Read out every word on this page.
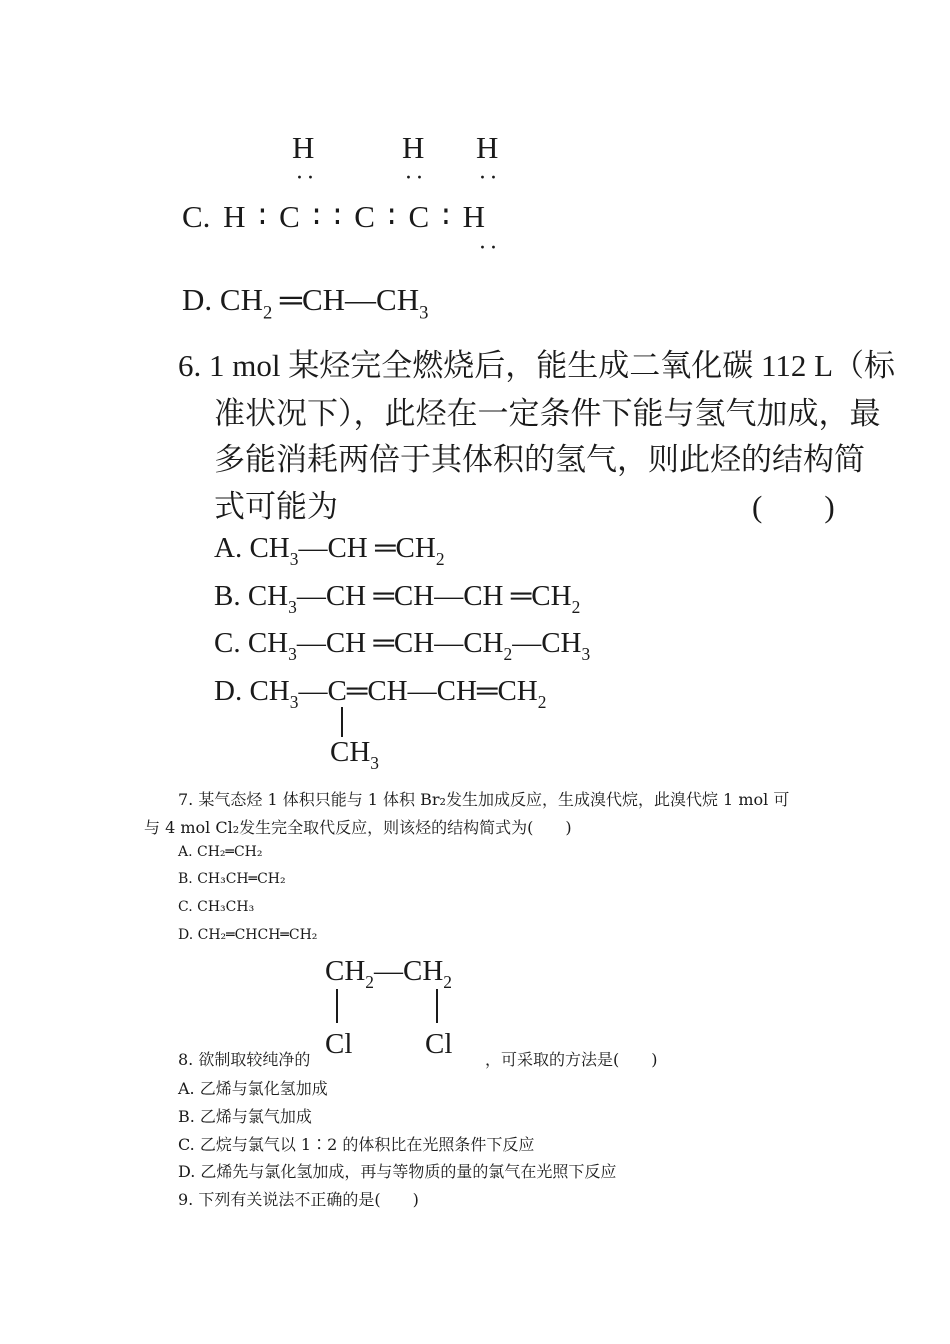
H	H H
··	·· ··
C. H ∶ C ∶ ∶ C ∶ C ∶ H
··
D. $CH_2$ $═CH—CH_3$
6. 1 mol 某烃完全燃烧后，能生成二氧化碳 112 L（标
准状况下），此烃在一定条件下能与氢气加成，最
多能消耗两倍于其体积的氢气，则此烃的结构简
式可能为	(　　)
A. $CH_3—CH$ $═CH_2$
B. $CH_3—CH$ ═CH—CH $═CH_2$
C. $CH_3—CH$ $═CH—CH_2—CH_3$
D. $CH_3—C═CH—CH═CH_2$
$CH_3$
7. 某气态烃 1 体积只能与 1 体积 Br₂发生加成反应，生成溴代烷，此溴代烷 1 mol 可
与 4 mol Cl₂发生完全取代反应，则该烃的结构简式为(　　)
A. CH₂═CH₂
B. CH₃CH═CH₂
C. CH₃CH₃
D. CH₂═CHCH═CH₂
$CH_2—CH_2$
Cl	Cl
8. 欲制取较纯净的	，可采取的方法是(　　)
A. 乙烯与氯化氢加成
B. 乙烯与氯气加成
C. 乙烷与氯气以 1∶2 的体积比在光照条件下反应
D. 乙烯先与氯化氢加成，再与等物质的量的氯气在光照下反应
9. 下列有关说法不正确的是(　　)
